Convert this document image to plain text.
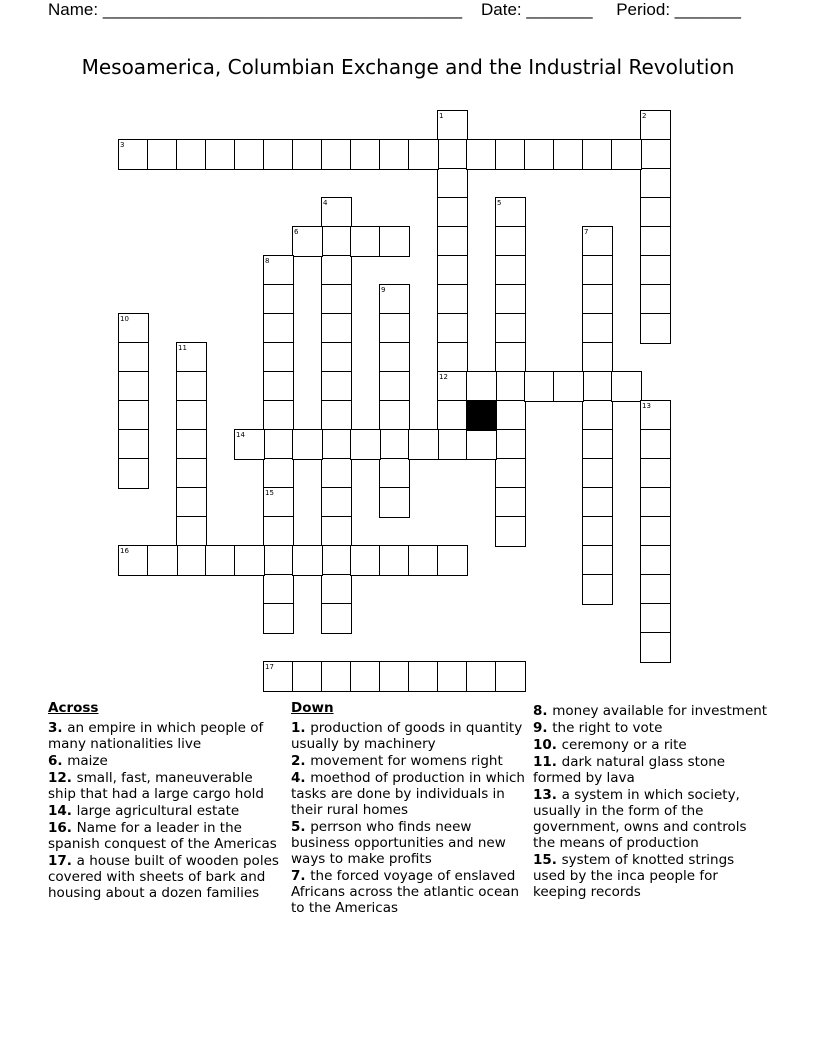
Name: ______________________________________ Date: _______ Period: _______
Mesoamerica, Columbian Exchange and the Industrial Revolution
1
12
2
3
4	5
6	7
8
9
10
11
13
14
15
16
17
Across
3. an empire in which people of many nationalities live
6. maize
12. small, fast, maneuverable ship that had a large cargo hold
14. large agricultural estate
16. Name for a leader in the spanish conquest of the Americas
17. a house built of wooden poles covered with sheets of bark and housing about a dozen families
Down
1. production of goods in quantity usually by machinery
2. movement for womens right
4. moethod of production in which tasks are done by individuals in their rural homes
5. perrson who finds neew business opportunities and new ways to make profits
7. the forced voyage of enslaved Africans across the atlantic ocean to the Americas
8. money available for investment
9. the right to vote
10. ceremony or a rite
11. dark natural glass stone formed by lava
13. a system in which society, usually in the form of the government, owns and controls the means of production
15. system of knotted strings used by the inca people for keeping records
